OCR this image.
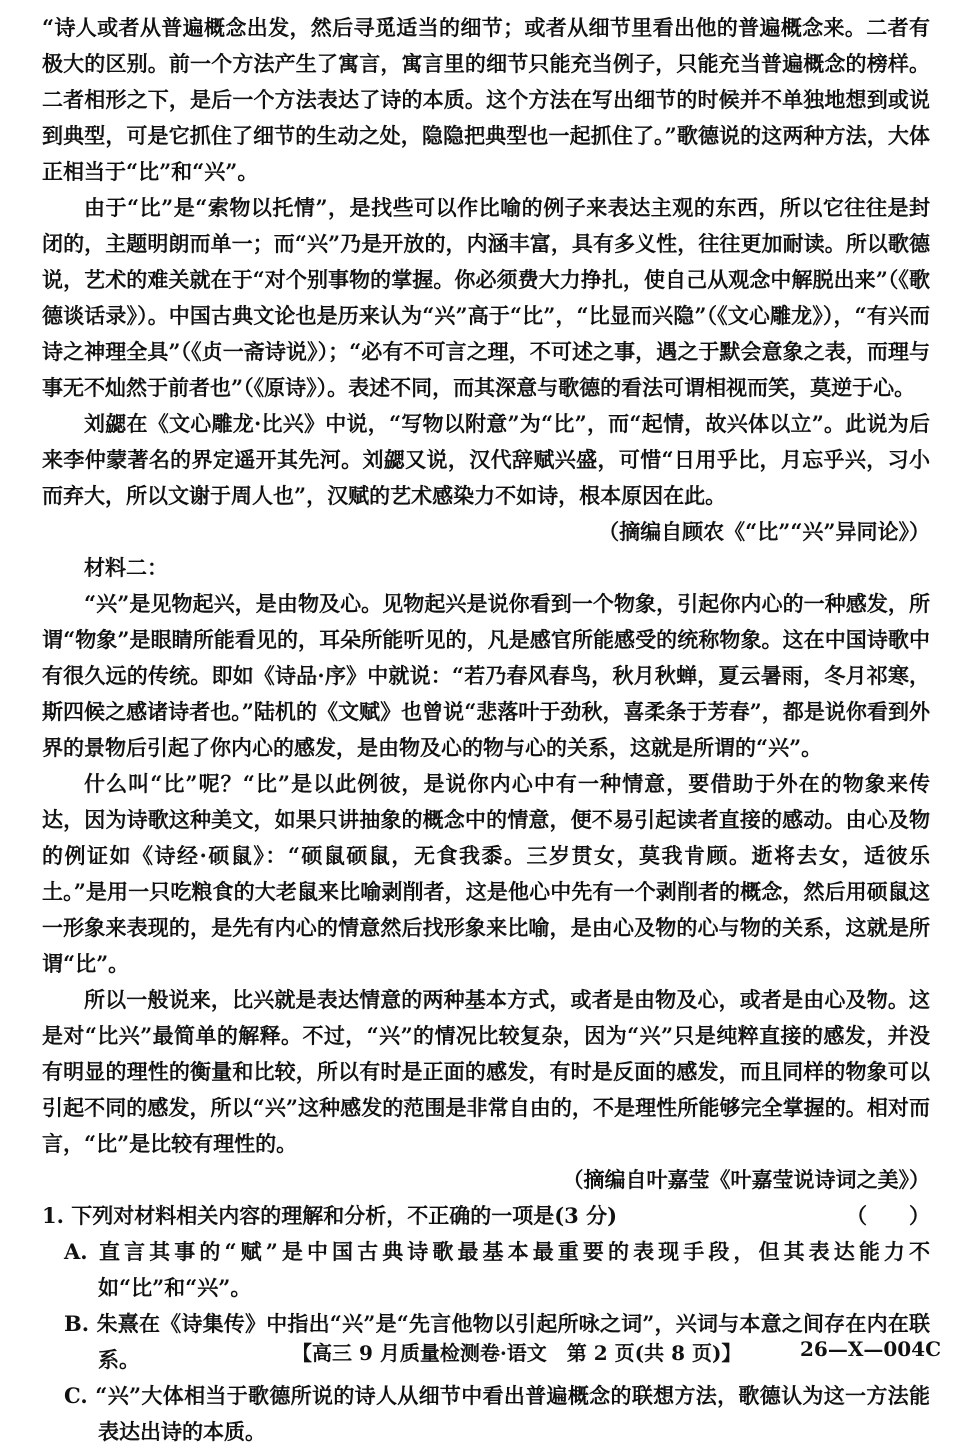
“诗人或者从普遍概念出发，然后寻觅适当的细节；或者从细节里看出他的普遍概念来。二者有极大的区别。前一个方法产生了寓言，寓言里的细节只能充当例子，只能充当普遍概念的榜样。二者相形之下，是后一个方法表达了诗的本质。这个方法在写出细节的时候并不单独地想到或说到典型，可是它抓住了细节的生动之处，隐隐把典型也一起抓住了。”歌德说的这两种方法，大体正相当于“比”和“兴”。

由于“比”是“索物以托情”，是找些可以作比喻的例子来表达主观的东西，所以它往往是封闭的，主题明朗而单一；而“兴”乃是开放的，内涵丰富，具有多义性，往往更加耐读。所以歌德说，艺术的难关就在于“对个别事物的掌握。你必须费大力挣扎，使自己从观念中解脱出来”（《歌德谈话录》）。中国古典文论也是历来认为“兴”高于“比”，“比显而兴隐”（《文心雕龙》），“有兴而诗之神理全具”（《贞一斋诗说》）；“必有不可言之理，不可述之事，遇之于默会意象之表，而理与事无不灿然于前者也”（《原诗》）。表述不同，而其深意与歌德的看法可谓相视而笑，莫逆于心。

刘勰在《文心雕龙·比兴》中说，“写物以附意”为“比”，而“起情，故兴体以立”。此说为后来李仲蒙著名的界定遥开其先河。刘勰又说，汉代辞赋兴盛，可惜“日用乎比，月忘乎兴，习小而弃大，所以文谢于周人也”，汉赋的艺术感染力不如诗，根本原因在此。

（摘编自顾农《“比”“兴”异同论》）

材料二：

“兴”是见物起兴，是由物及心。见物起兴是说你看到一个物象，引起你内心的一种感发，所谓“物象”是眼睛所能看见的，耳朵所能听见的，凡是感官所能感受的统称物象。这在中国诗歌中有很久远的传统。即如《诗品·序》中就说：“若乃春风春鸟，秋月秋蝉，夏云暑雨，冬月祁寒，斯四候之感诸诗者也。”陆机的《文赋》也曾说“悲落叶于劲秋，喜柔条于芳春”，都是说你看到外界的景物后引起了你内心的感发，是由物及心的物与心的关系，这就是所谓的“兴”。

什么叫“比”呢？“比”是以此例彼，是说你内心中有一种情意，要借助于外在的物象来传达，因为诗歌这种美文，如果只讲抽象的概念中的情意，便不易引起读者直接的感动。由心及物的例证如《诗经·硕鼠》：“硕鼠硕鼠，无食我黍。三岁贯女，莫我肯顾。逝将去女，适彼乐土。”是用一只吃粮食的大老鼠来比喻剥削者，这是他心中先有一个剥削者的概念，然后用硕鼠这一形象来表现的，是先有内心的情意然后找形象来比喻，是由心及物的心与物的关系，这就是所谓“比”。

所以一般说来，比兴就是表达情意的两种基本方式，或者是由物及心，或者是由心及物。这是对“比兴”最简单的解释。不过，“兴”的情况比较复杂，因为“兴”只是纯粹直接的感发，并没有明显的理性的衡量和比较，所以有时是正面的感发，有时是反面的感发，而且同样的物象可以引起不同的感发，所以“兴”这种感发的范围是非常自由的，不是理性所能够完全掌握的。相对而言，“比”是比较有理性的。

（摘编自叶嘉莹《叶嘉莹说诗词之美》）

1. 下列对材料相关内容的理解和分析，不正确的一项是(3 分)	（　　）

A. 直言其事的“赋”是中国古典诗歌最基本最重要的表现手段，但其表达能力不如“比”和“兴”。

B. 朱熹在《诗集传》中指出“兴”是“先言他物以引起所咏之词”，兴词与本意之间存在内在联系。

C. “兴”大体相当于歌德所说的诗人从细节中看出普遍概念的联想方法，歌德认为这一方法能表达出诗的本质。

【高三 9 月质量检测卷·语文　第 2 页(共 8 页)】	26—X—004C
